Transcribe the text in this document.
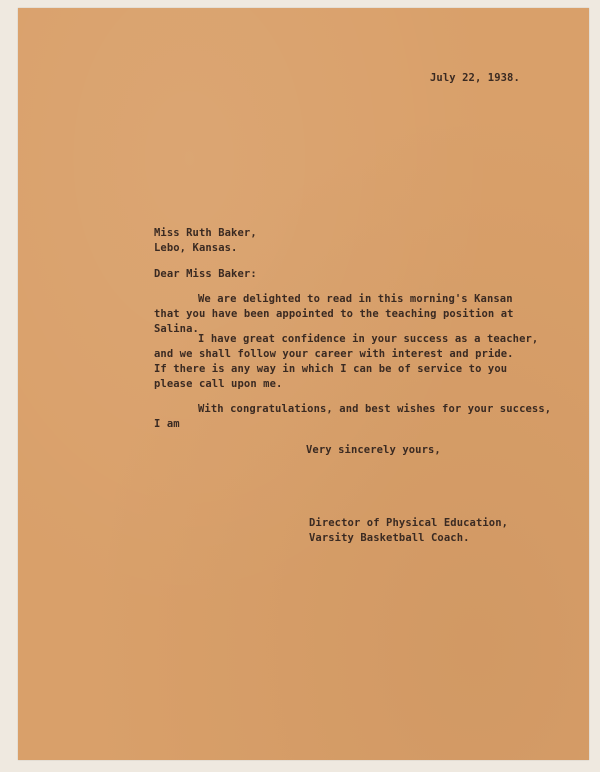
July 22, 1938.

Miss Ruth Baker,

Lebo, Kansas.

Dear Miss Baker:

We are delighted to read in this morning's Kansan

that you have been appointed to the teaching position at

Salina.

I have great confidence in your success as a teacher,

and we shall follow your career with interest and pride.

If there is any way in which I can be of service to you

please call upon me.

With congratulations, and best wishes for your success,

I am

Very sincerely yours,

Director of Physical Education,

Varsity Basketball Coach.
